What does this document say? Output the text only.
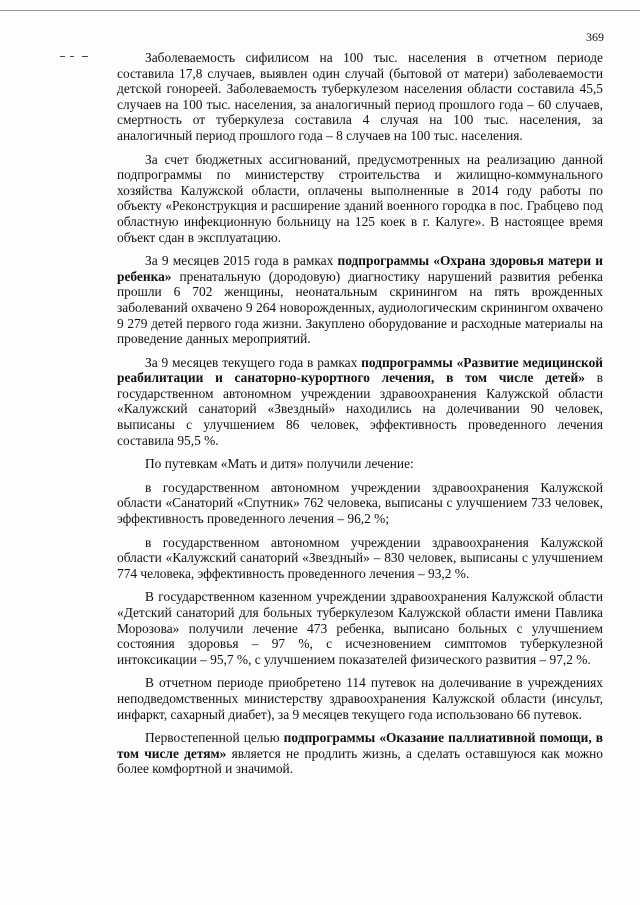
369

Заболеваемость сифилисом на 100 тыс. населения в отчетном периоде составила 17,8 случаев, выявлен один случай (бытовой от матери) заболеваемости детской гонореей. Заболеваемость туберкулезом населения области составила 45,5 случаев на 100 тыс. населения, за аналогичный период прошлого года – 60 случаев, смертность от туберкулеза составила 4 случая на 100 тыс. населения, за аналогичный период прошлого года – 8 случаев на 100 тыс. населения.

За счет бюджетных ассигнований, предусмотренных на реализацию данной подпрограммы по министерству строительства и жилищно-коммунального хозяйства Калужской области, оплачены выполненные в 2014 году работы по объекту «Реконструкция и расширение зданий военного городка в пос. Грабцево под областную инфекционную больницу на 125 коек в г. Калуге». В настоящее время объект сдан в эксплуатацию.

За 9 месяцев 2015 года в рамках подпрограммы «Охрана здоровья матери и ребенка» пренатальную (дородовую) диагностику нарушений развития ребенка прошли 6 702 женщины, неонатальным скринингом на пять врожденных заболеваний охвачено 9 264 новорожденных, аудиологическим скринингом охвачено 9 279 детей первого года жизни. Закуплено оборудование и расходные материалы на проведение данных мероприятий.

За 9 месяцев текущего года в рамках подпрограммы «Развитие медицинской реабилитации и санаторно-курортного лечения, в том числе детей» в государственном автономном учреждении здравоохранения Калужской области «Калужский санаторий «Звездный» находились на долечивании 90 человек, выписаны с улучшением 86 человек, эффективность проведенного лечения составила 95,5 %.

По путевкам «Мать и дитя» получили лечение:

в государственном автономном учреждении здравоохранения Калужской области «Санаторий «Спутник» 762 человека, выписаны с улучшением 733 человек, эффективность проведенного лечения – 96,2 %;

в государственном автономном учреждении здравоохранения Калужской области «Калужский санаторий «Звездный» – 830 человек, выписаны с улучшением 774 человека, эффективность проведенного лечения – 93,2 %.

В государственном казенном учреждении здравоохранения Калужской области «Детский санаторий для больных туберкулезом Калужской области имени Павлика Морозова» получили лечение 473 ребенка, выписано больных с улучшением состояния здоровья – 97 %, с исчезновением симптомов туберкулезной интоксикации – 95,7 %, с улучшением показателей физического развития – 97,2 %.

В отчетном периоде приобретено 114 путевок на долечивание в учреждениях неподведомственных министерству здравоохранения Калужской области (инсульт, инфаркт, сахарный диабет), за 9 месяцев текущего года использовано 66 путевок.

Первостепенной целью подпрограммы «Оказание паллиативной помощи, в том числе детям» является не продлить жизнь, а сделать оставшуюся как можно более комфортной и значимой.
